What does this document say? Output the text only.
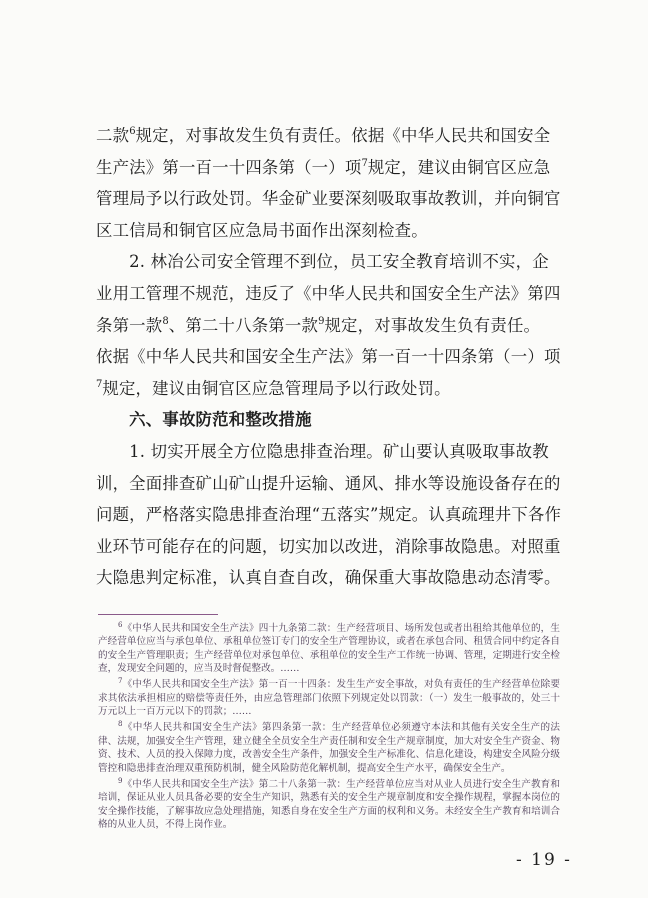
二款$^6$规定，对事故发生负有责任。依据《中华人民共和国安全
生产法》第一百一十四条第（一）项$^7$规定，建议由铜官区应急
管理局予以行政处罚。华金矿业要深刻吸取事故教训，并向铜官
区工信局和铜官区应急局书面作出深刻检查。
　　2. 林冶公司安全管理不到位，员工安全教育培训不实，企
业用工管理不规范，违反了《中华人民共和国安全生产法》第四
条第一款$^8$、第二十八条第一款$^9$规定，对事故发生负有责任。
依据《中华人民共和国安全生产法》第一百一十四条第（一）项
$^7$规定，建议由铜官区应急管理局予以行政处罚。
　　六、事故防范和整改措施
　　1. 切实开展全方位隐患排查治理。矿山要认真吸取事故教
训，全面排查矿山矿山提升运输、通风、排水等设施设备存在的
问题，严格落实隐患排查治理“五落实”规定。认真疏理井下各作
业环节可能存在的问题，切实加以改进，消除事故隐患。对照重
大隐患判定标准，认真自查自改，确保重大事故隐患动态清零。
$^6$《中华人民共和国安全生产法》四十九条第二款：生产经营项目、场所发包或者出租给其他单位的，生产经营单位应当与承包单位、承租单位签订专门的安全生产管理协议，或者在承包合同、租赁合同中约定各自的安全生产管理职责；生产经营单位对承包单位、承租单位的安全生产工作统一协调、管理，定期进行安全检查，发现安全问题的，应当及时督促整改。……
$^7$《中华人民共和国安全生产法》第一百一十四条：发生生产安全事故，对负有责任的生产经营单位除要求其依法承担相应的赔偿等责任外，由应急管理部门依照下列规定处以罚款：（一）发生一般事故的，处三十万元以上一百万元以下的罚款；……
$^8$《中华人民共和国安全生产法》第四条第一款：生产经营单位必须遵守本法和其他有关安全生产的法律、法规，加强安全生产管理，建立健全全员安全生产责任制和安全生产规章制度，加大对安全生产资金、物资、技术、人员的投入保障力度，改善安全生产条件，加强安全生产标准化、信息化建设，构建安全风险分级管控和隐患排查治理双重预防机制，健全风险防范化解机制，提高安全生产水平，确保安全生产。
$^9$《中华人民共和国安全生产法》第二十八条第一款：生产经营单位应当对从业人员进行安全生产教育和培训，保证从业人员具备必要的安全生产知识，熟悉有关的安全生产规章制度和安全操作规程，掌握本岗位的安全操作技能，了解事故应急处理措施，知悉自身在安全生产方面的权利和义务。未经安全生产教育和培训合格的从业人员，不得上岗作业。
- 19 -
